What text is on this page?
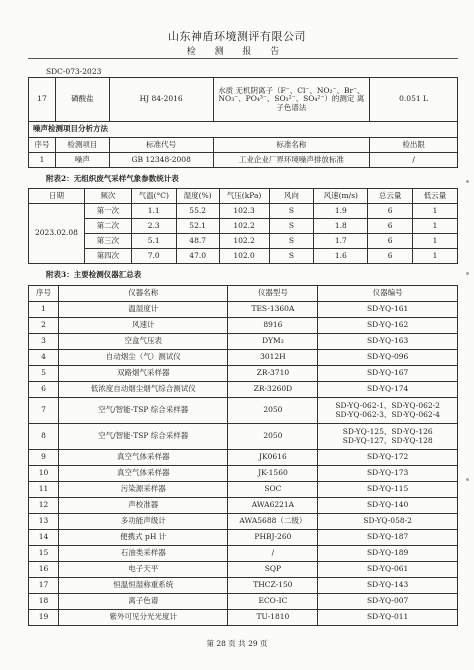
山东神盾环境测评有限公司
检 测 报 告
SDC-073-2023
17	磷酸盐	HJ 84-2016	水质 无机阴离子（F⁻、Cl⁻、NO₂⁻、Br⁻、NO₃⁻、PO₄³⁻、SO₃²⁻、SO₄²⁻）的测定 离子色谱法	0.051 L
噪声检测项目分析方法				
序号	检测项目	标准代号	标准名称	检出限
1	噪声	GB 12348-2008	工业企业厂界环境噪声排放标准	/
附表2：无组织废气采样气象参数统计表
日期	频次	气温(°C)	湿度(%)	气压(kPa)	风向	风速(m/s)	总云量	低云量
2023.02.08	第一次	1.1	55.2	102.3	S	1.9	6	1
	第二次	2.3	52.1	102.2	S	1.8	6	1
	第三次	5.1	48.7	102.2	S	1.7	6	1
	第四次	7.0	47.0	102.0	S	1.6	6	1
附表3：主要检测仪器汇总表
序号	仪器名称	仪器型号	仪器编号
1	温湿度计	TES-1360A	SD-YQ-161
2	风速计	8916	SD-YQ-162
3	空盒气压表	DYM₃	SD-YQ-163
4	自动烟尘（气）测试仪	3012H	SD-YQ-096
5	双路烟气采样器	ZR-3710	SD-YQ-167
6	低浓度自动烟尘烟气综合测试仪	ZR-3260D	SD-YQ-174
7	空气/智能-TSP 综合采样器	2050	SD-YQ-062-1、SD-YQ-062-2
SD-YQ-062-3、SD-YQ-062-4
8	空气/智能-TSP 综合采样器	2050	SD-YQ-125、SD-YQ-126
SD-YQ-127、SD-YQ-128
9	真空气体采样器	JK0616	SD-YQ-172
10	真空气体采样器	JK-1560	SD-YQ-173
11	污染源采样器	SOC	SD-YQ-115
12	声校准器	AWA6221A	SD-YQ-140
13	多功能声级计	AWA5688（二级）	SD-YQ-058-2
14	便携式 pH 计	PHBJ-260	SD-YQ-187
15	石油类采样器	/	SD-YQ-189
16	电子天平	SQP	SD-YQ-061
17	恒温恒湿称重系统	THCZ-150	SD-YQ-143
18	离子色谱	ECO-IC	SD-YQ-007
19	紫外可见分光光度计	TU-1810	SD-YQ-011
第 28 页 共 29 页
